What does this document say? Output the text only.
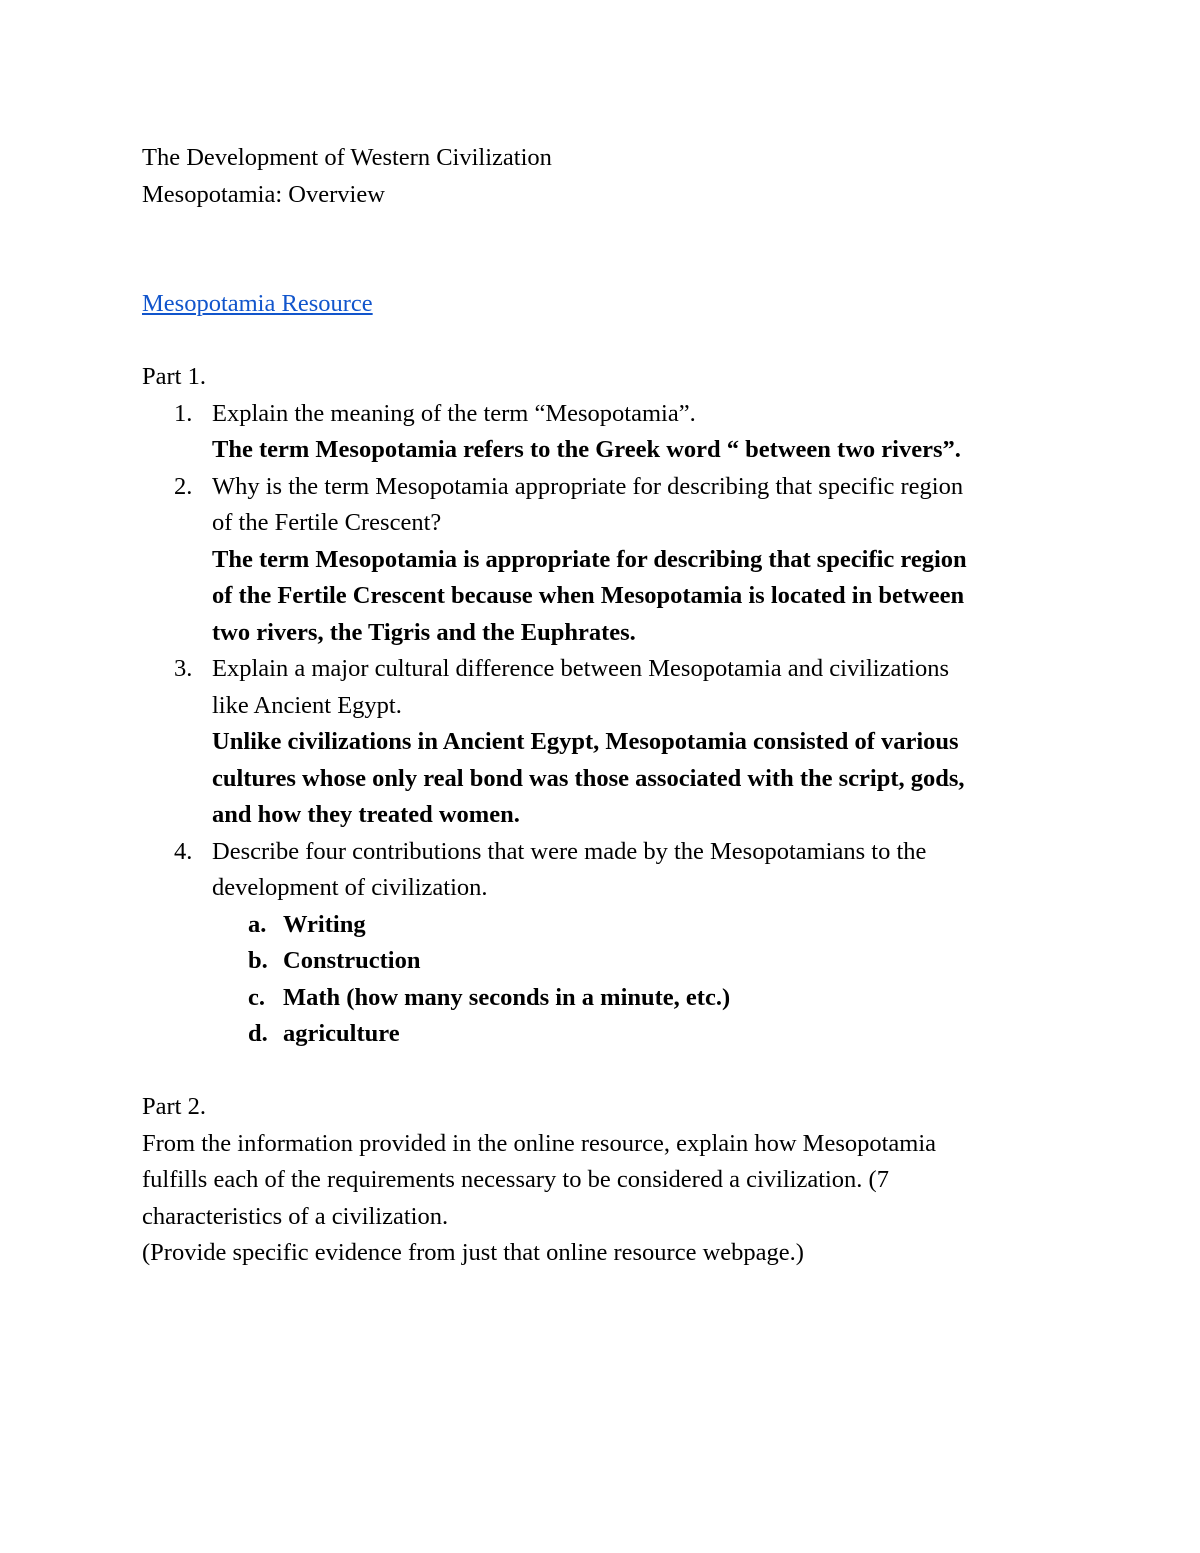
The Development of Western Civilization
Mesopotamia: Overview
Mesopotamia Resource
Part 1.
1. Explain the meaning of the term “Mesopotamia”.
The term Mesopotamia refers to the Greek word “ between two rivers”.
2. Why is the term Mesopotamia appropriate for describing that specific region
of the Fertile Crescent?
The term Mesopotamia is appropriate for describing that specific region
of the Fertile Crescent because when Mesopotamia is located in between
two rivers, the Tigris and the Euphrates.
3. Explain a major cultural difference between Mesopotamia and civilizations
like Ancient Egypt.
Unlike civilizations in Ancient Egypt, Mesopotamia consisted of various
cultures whose only real bond was those associated with the script, gods,
and how they treated women.
4. Describe four contributions that were made by the Mesopotamians to the
development of civilization.
a. Writing
b. Construction
c. Math (how many seconds in a minute, etc.)
d. agriculture
Part 2.
From the information provided in the online resource, explain how Mesopotamia
fulfills each of the requirements necessary to be considered a civilization. (7
characteristics of a civilization.
(Provide specific evidence from just that online resource webpage.)
